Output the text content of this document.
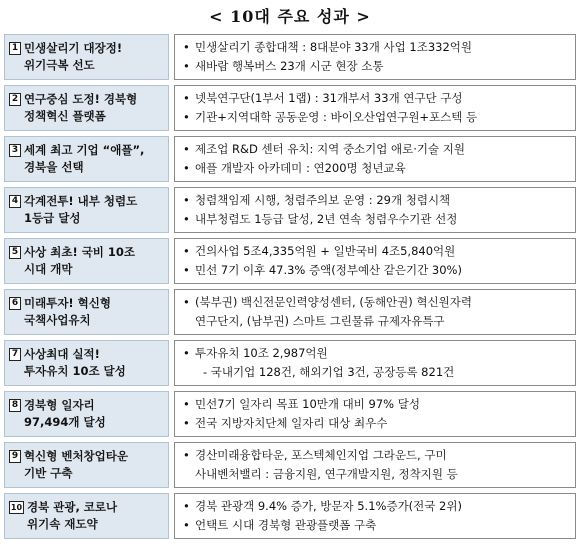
< 10대 주요 성과 >
1 민생살리기 대장정!
위기극복 선도
• 민생살리기 종합대책 : 8대분야 33개 사업 1조332억원
• 새바람 행복버스 23개 시군 현장 소통
2 연구중심 도정! 경북형
정책혁신 플랫폼
• 넷북연구단(1부서 1랩) : 31개부서 33개 연구단 구성
• 기관+지역대학 공동운영 : 바이오산업연구원+포스텍 등
3 세계 최고 기업 “애플”,
경북을 선택
• 제조업 R&D 센터 유치: 지역 중소기업 애로·기술 지원
• 애플 개발자 아카데미 : 연200명 청년교육
4 각계전투! 내부 청렴도
1등급 달성
• 청렴책임제 시행, 청렴주의보 운영 : 29개 청렴시책
• 내부청렴도 1등급 달성, 2년 연속 청렴우수기관 선정
5 사상 최초! 국비 10조
시대 개막
• 건의사업 5조4,335억원 + 일반국비 4조5,840억원
• 민선 7기 이후 47.3% 증액(정부예산 같은기간 30%)
6 미래투자! 혁신형
국책사업유치
• (북부권) 백신전문인력양성센터, (동해안권) 혁신원자력
연구단지, (남부권) 스마트 그린물류 규제자유특구
7 사상최대 실적!
투자유치 10조 달성
• 투자유치 10조 2,987억원
- 국내기업 128건, 해외기업 3건, 공장등록 821건
8 경북형 일자리
97,494개 달성
• 민선7기 일자리 목표 10만개 대비 97% 달성
• 전국 지방자치단체 일자리 대상 최우수
9 혁신형 벤처창업타운
기반 구축
• 경산미래융합타운, 포스텍체인지업 그라운드, 구미
사내벤처밸리 : 금융지원, 연구개발지원, 정착지원 등
10 경북 관광, 코로나
위기속 재도약
• 경북 관광객 9.4% 증가, 방문자 5.1%증가(전국 2위)
• 언택트 시대 경북형 관광플랫폼 구축
